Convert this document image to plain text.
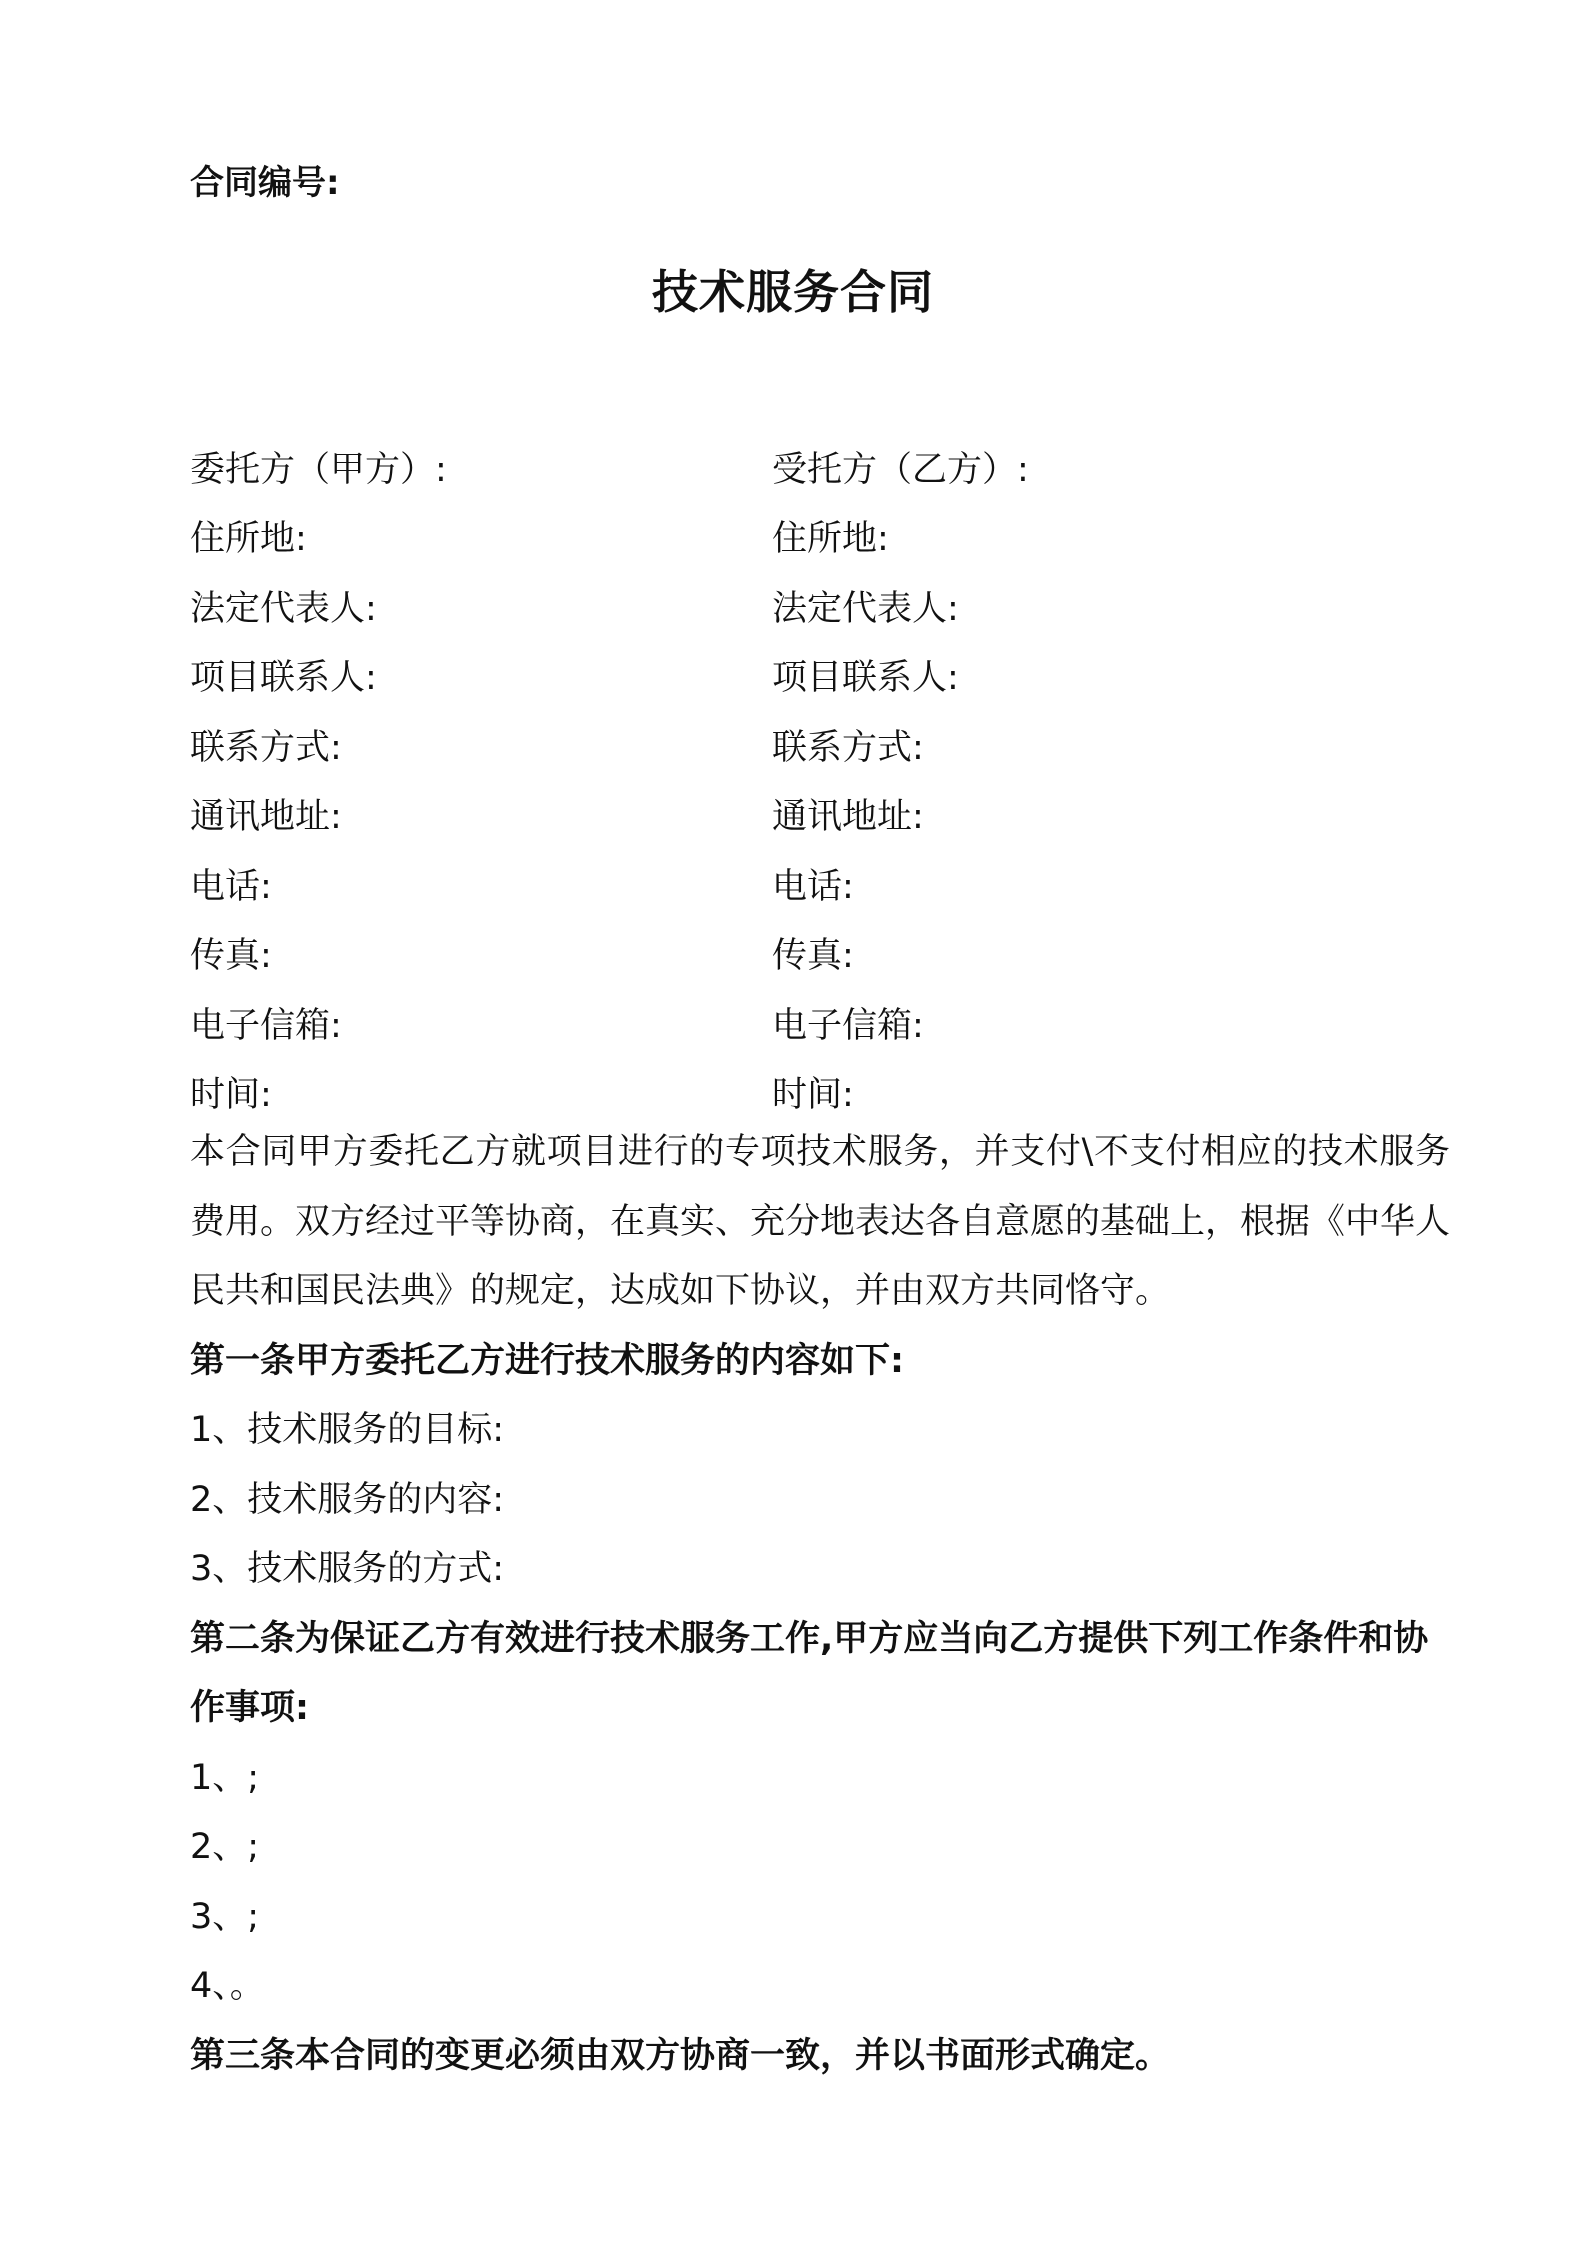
合同编号:
技术服务合同
委托方（甲方）:	受托方（乙方）:
住所地:	住所地:
法定代表人:	法定代表人:
项目联系人:	项目联系人:
联系方式:	联系方式:
通讯地址:	通讯地址:
电话:	电话:
传真:	传真:
电子信箱:	电子信箱:
时间:	时间:

本合同甲方委托乙方就项目进行的专项技术服务，并支付\不支付相应的技术服务费用。双方经过平等协商，在真实、充分地表达各自意愿的基础上，根据《中华人民共和国民法典》的规定，达成如下协议，并由双方共同恪守。

第一条甲方委托乙方进行技术服务的内容如下:

1、技术服务的目标:

2、技术服务的内容:

3、技术服务的方式:

第二条为保证乙方有效进行技术服务工作,甲方应当向乙方提供下列工作条件和协作事项:

1、;

2、;

3、;

4、。

第三条本合同的变更必须由双方协商一致，并以书面形式确定。
